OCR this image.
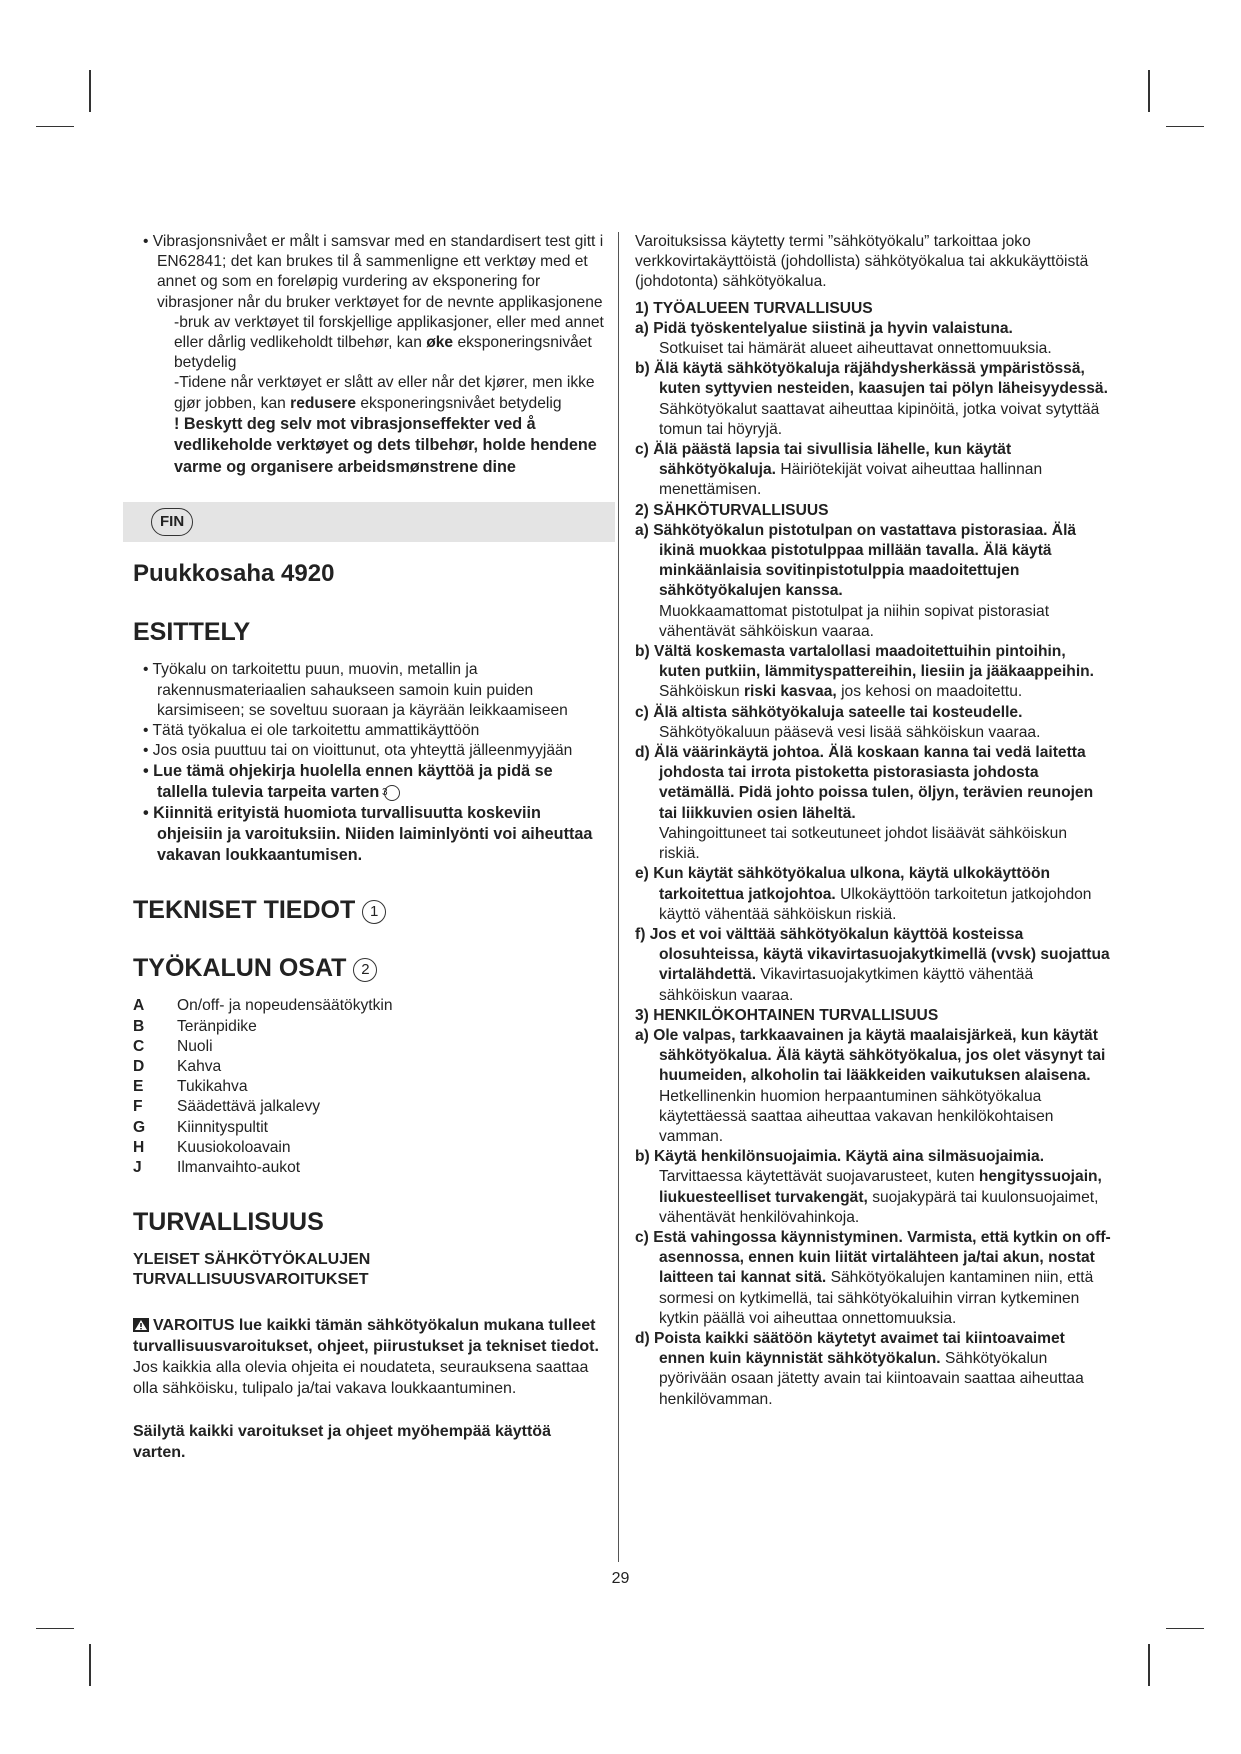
• Vibrasjonsnivået er målt i samsvar med en standardisert test gitt i EN62841; det kan brukes til å sammenligne ett verktøy med et annet og som en foreløpig vurdering av eksponering for vibrasjoner når du bruker verktøyet for de nevnte applikasjonene

-bruk av verktøyet til forskjellige applikasjoner, eller med annet eller dårlig vedlikeholdt tilbehør, kan øke eksponeringsnivået betydelig

-Tidene når verktøyet er slått av eller når det kjører, men ikke gjør jobben, kan redusere eksponeringsnivået betydelig

! Beskytt deg selv mot vibrasjonseffekter ved å vedlikeholde verktøyet og dets tilbehør, holde hendene varme og organisere arbeidsmønstrene dine

FIN
Puukkosaha 4920
ESITTELY

• Työkalu on tarkoitettu puun, muovin, metallin ja rakennusmateriaalien sahaukseen samoin kuin puiden karsimiseen; se soveltuu suoraan ja käyrään leikkaamiseen

• Tätä työkalua ei ole tarkoitettu ammattikäyttöön

• Jos osia puuttuu tai on vioittunut, ota yhteyttä jälleenmyyjään

• Lue tämä ohjekirja huolella ennen käyttöä ja pidä se tallella tulevia tarpeita varten 3

• Kiinnitä erityistä huomiota turvallisuutta koskeviin ohjeisiin ja varoituksiin. Niiden laiminlyönti voi aiheuttaa vakavan loukkaantumisen.

TEKNISET TIEDOT 1
TYÖKALUN OSAT 2
A	On/off- ja nopeudensäätökytkin
B	Teränpidike
C	Nuoli
D	Kahva
E	Tukikahva
F	Säädettävä jalkalevy
G	Kiinnityspultit
H	Kuusiokoloavain
J	Ilmanvaihto-aukot
TURVALLISUUS

YLEISET SÄHKÖTYÖKALUJEN TURVALLISUUSVAROITUKSET

VAROITUS lue kaikki tämän sähkötyökalun mukana tulleet turvallisuusvaroitukset, ohjeet, piirustukset ja tekniset tiedot. Jos kaikkia alla olevia ohjeita ei noudateta, seurauksena saattaa olla sähköisku, tulipalo ja/tai vakava loukkaantuminen.

Säilytä kaikki varoitukset ja ohjeet myöhempää käyttöä varten.

Varoituksissa käytetty termi ”sähkötyökalu” tarkoittaa joko verkkovirtakäyttöistä (johdollista) sähkötyökalua tai akkukäyttöistä (johdotonta) sähkötyökalua.

1) TYÖALUEEN TURVALLISUUS

a) Pidä työskentelyalue siistinä ja hyvin valaistuna.
Sotkuiset tai hämärät alueet aiheuttavat onnettomuuksia.

b) Älä käytä sähkötyökaluja räjähdysherkässä ympäristössä, kuten syttyvien nesteiden, kaasujen tai pölyn läheisyydessä. Sähkötyökalut saattavat aiheuttaa kipinöitä, jotka voivat sytyttää tomun tai höyryjä.

c) Älä päästä lapsia tai sivullisia lähelle, kun käytät sähkötyökaluja. Häiriötekijät voivat aiheuttaa hallinnan menettämisen.

2) SÄHKÖTURVALLISUUS

a) Sähkötyökalun pistotulpan on vastattava pistorasiaa. Älä ikinä muokkaa pistotulppaa millään tavalla. Älä käytä minkäänlaisia sovitinpistotulppia maadoitettujen sähkötyökalujen kanssa.
Muokkaamattomat pistotulpat ja niihin sopivat pistorasiat vähentävät sähköiskun vaaraa.

b) Vältä koskemasta vartalollasi maadoitettuihin pintoihin, kuten putkiin, lämmityspattereihin, liesiin ja jääkaappeihin. Sähköiskun riski kasvaa, jos kehosi on maadoitettu.

c) Älä altista sähkötyökaluja sateelle tai kosteudelle.
Sähkötyökaluun pääsevä vesi lisää sähköiskun vaaraa.

d) Älä väärinkäytä johtoa. Älä koskaan kanna tai vedä laitetta johdosta tai irrota pistoketta pistorasiasta johdosta vetämällä. Pidä johto poissa tulen, öljyn, terävien reunojen tai liikkuvien osien läheltä.
Vahingoittuneet tai sotkeutuneet johdot lisäävät sähköiskun riskiä.

e) Kun käytät sähkötyökalua ulkona, käytä ulkokäyttöön tarkoitettua jatkojohtoa. Ulkokäyttöön tarkoitetun jatkojohdon käyttö vähentää sähköiskun riskiä.

f) Jos et voi välttää sähkötyökalun käyttöä kosteissa olosuhteissa, käytä vikavirtasuojakytkimellä (vvsk) suojattua virtalähdettä. Vikavirtasuojakytkimen käyttö vähentää sähköiskun vaaraa.

3) HENKILÖKOHTAINEN TURVALLISUUS

a) Ole valpas, tarkkaavainen ja käytä maalaisjärkeä, kun käytät sähkötyökalua. Älä käytä sähkötyökalua, jos olet väsynyt tai huumeiden, alkoholin tai lääkkeiden vaikutuksen alaisena. Hetkellinenkin huomion herpaantuminen sähkötyökalua käytettäessä saattaa aiheuttaa vakavan henkilökohtaisen vamman.

b) Käytä henkilönsuojaimia. Käytä aina silmäsuojaimia. Tarvittaessa käytettävät suojavarusteet, kuten hengityssuojain, liukuesteelliset turvakengät, suojakypärä tai kuulonsuojaimet, vähentävät henkilövahinkoja.

c) Estä vahingossa käynnistyminen. Varmista, että kytkin on off-asennossa, ennen kuin liität virtalähteen ja/tai akun, nostat laitteen tai kannat sitä. Sähkötyökalujen kantaminen niin, että sormesi on kytkimellä, tai sähkötyökaluihin virran kytkeminen kytkin päällä voi aiheuttaa onnettomuuksia.

d) Poista kaikki säätöön käytetyt avaimet tai kiintoavaimet ennen kuin käynnistät sähkötyökalun. Sähkötyökalun pyörivään osaan jätetty avain tai kiintoavain saattaa aiheuttaa henkilövamman.

29
